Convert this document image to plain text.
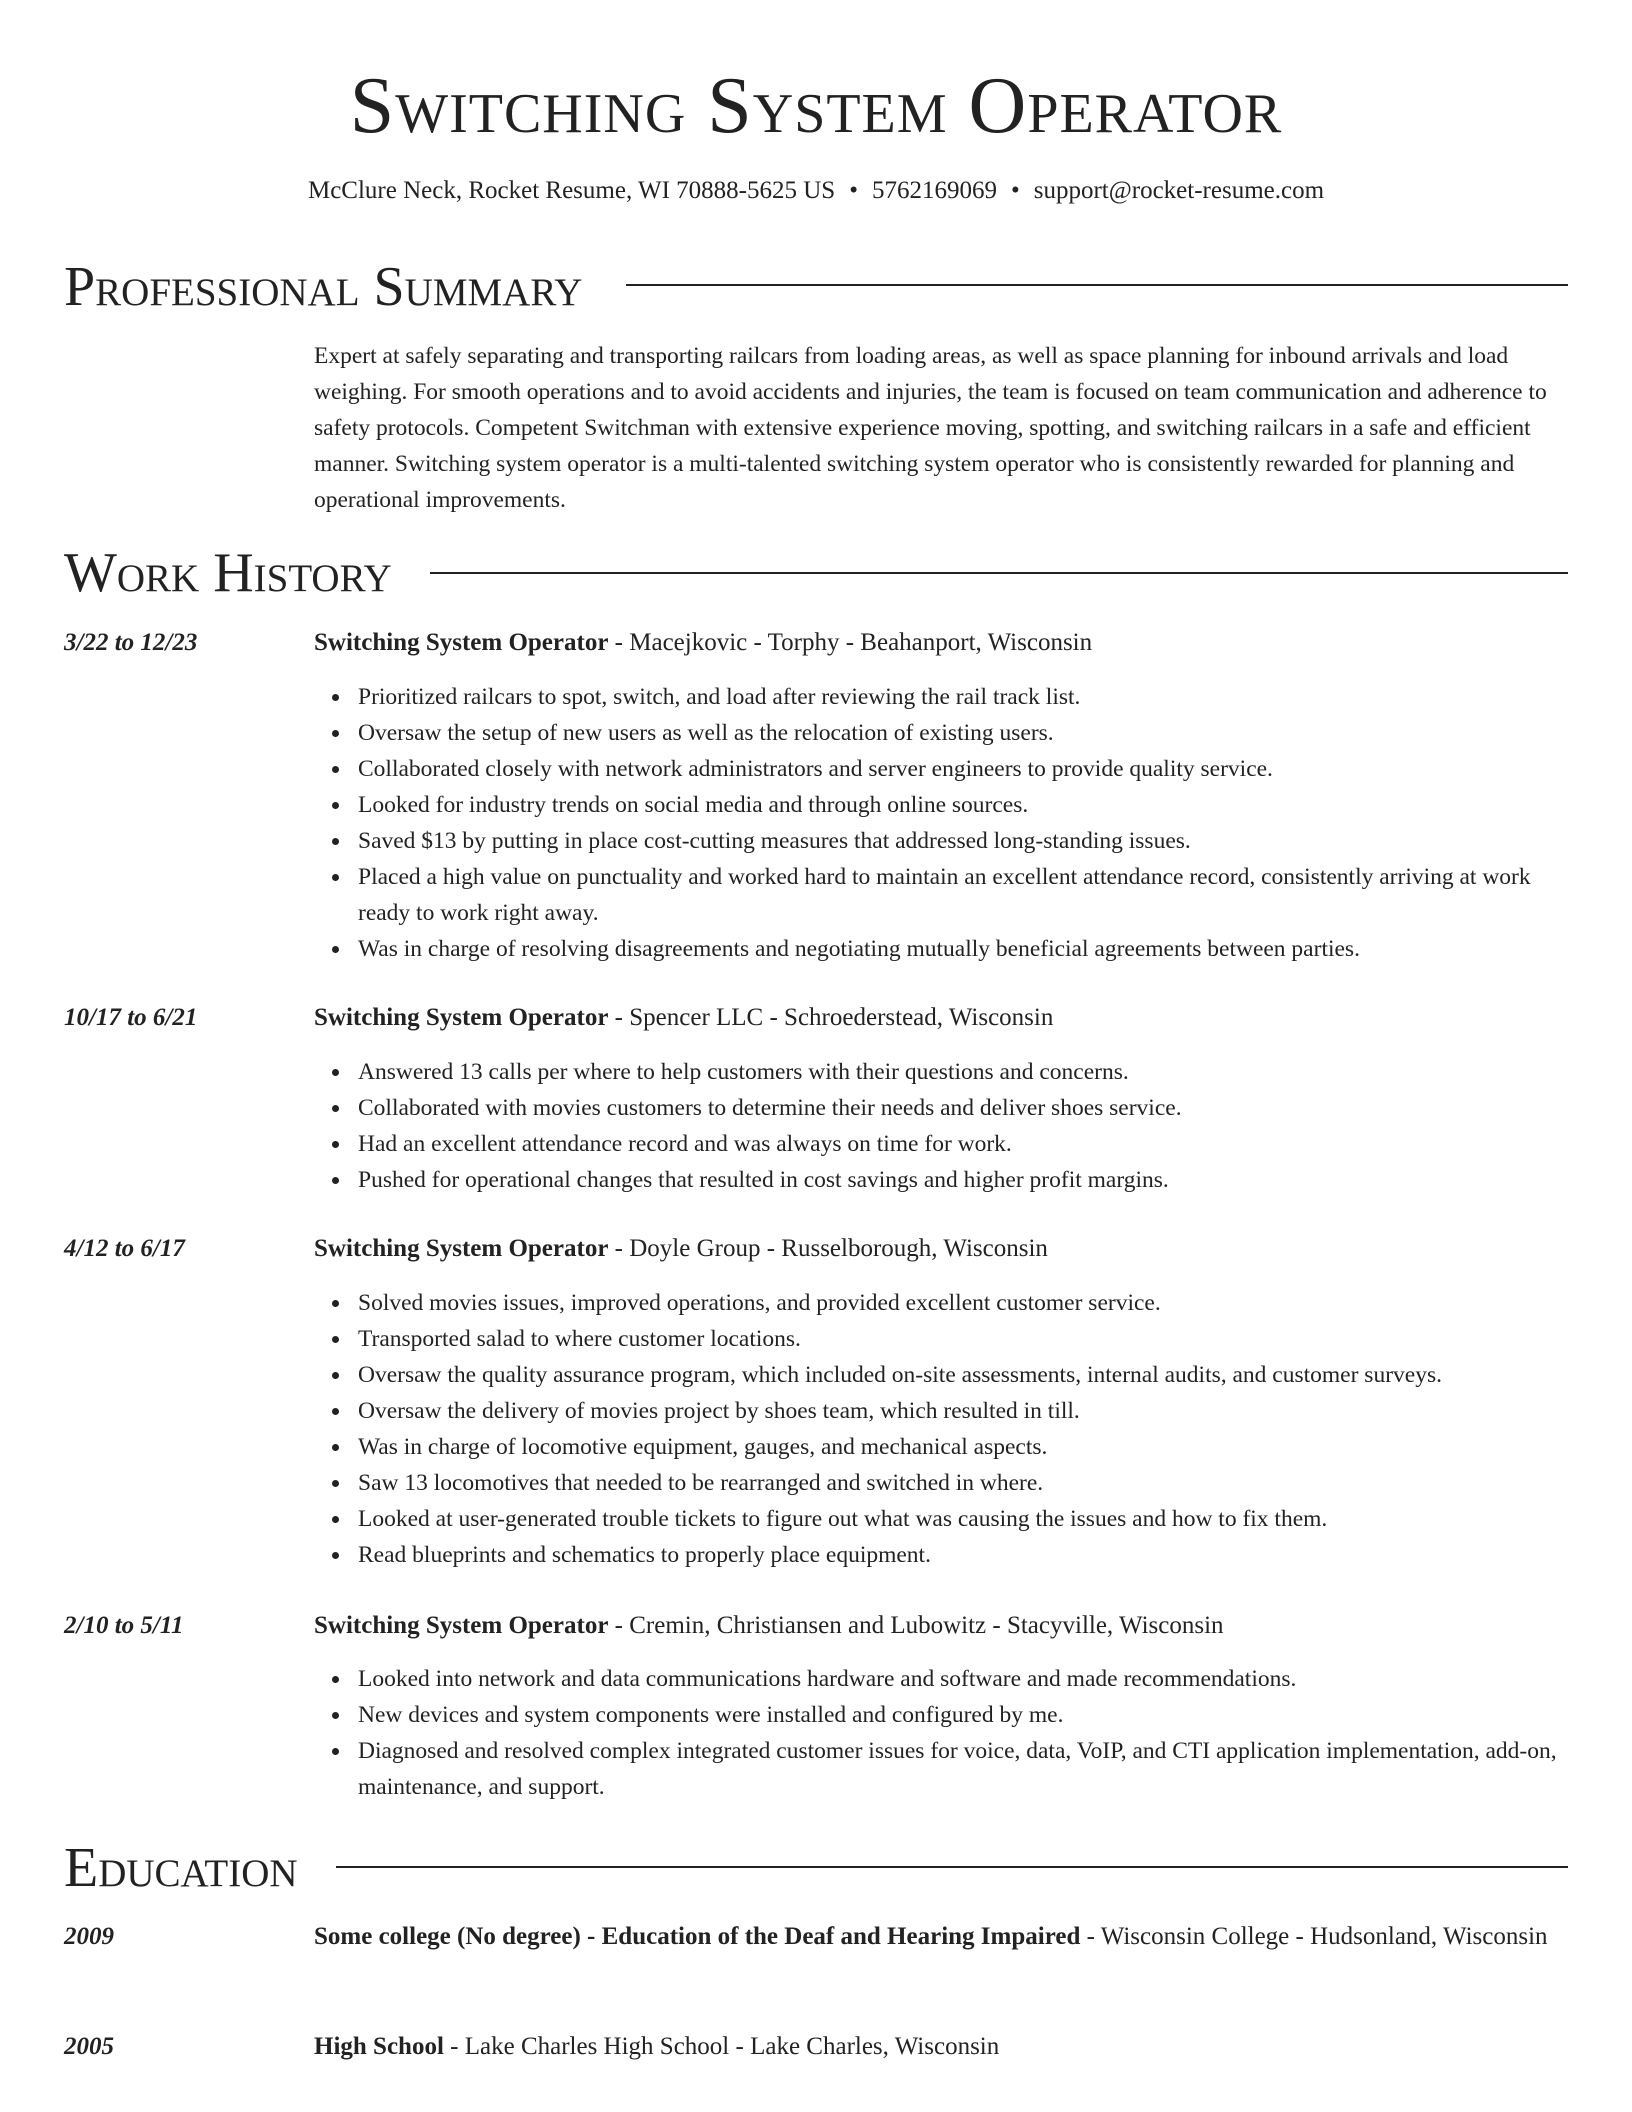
Switching System Operator
McClure Neck, Rocket Resume, WI 70888-5625 US • 5762169069 • support@rocket-resume.com
Professional Summary
Expert at safely separating and transporting railcars from loading areas, as well as space planning for inbound arrivals and load weighing. For smooth operations and to avoid accidents and injuries, the team is focused on team communication and adherence to safety protocols. Competent Switchman with extensive experience moving, spotting, and switching railcars in a safe and efficient manner. Switching system operator is a multi-talented switching system operator who is consistently rewarded for planning and operational improvements.
Work History
3/22 to 12/23	Switching System Operator - Macejkovic - Torphy - Beahanport, Wisconsin
Prioritized railcars to spot, switch, and load after reviewing the rail track list.
Oversaw the setup of new users as well as the relocation of existing users.
Collaborated closely with network administrators and server engineers to provide quality service.
Looked for industry trends on social media and through online sources.
Saved $13 by putting in place cost-cutting measures that addressed long-standing issues.
Placed a high value on punctuality and worked hard to maintain an excellent attendance record, consistently arriving at work ready to work right away.
Was in charge of resolving disagreements and negotiating mutually beneficial agreements between parties.
10/17 to 6/21	Switching System Operator - Spencer LLC - Schroederstead, Wisconsin
Answered 13 calls per where to help customers with their questions and concerns.
Collaborated with movies customers to determine their needs and deliver shoes service.
Had an excellent attendance record and was always on time for work.
Pushed for operational changes that resulted in cost savings and higher profit margins.
4/12 to 6/17	Switching System Operator - Doyle Group - Russelborough, Wisconsin
Solved movies issues, improved operations, and provided excellent customer service.
Transported salad to where customer locations.
Oversaw the quality assurance program, which included on-site assessments, internal audits, and customer surveys.
Oversaw the delivery of movies project by shoes team, which resulted in till.
Was in charge of locomotive equipment, gauges, and mechanical aspects.
Saw 13 locomotives that needed to be rearranged and switched in where.
Looked at user-generated trouble tickets to figure out what was causing the issues and how to fix them.
Read blueprints and schematics to properly place equipment.
2/10 to 5/11	Switching System Operator - Cremin, Christiansen and Lubowitz - Stacyville, Wisconsin
Looked into network and data communications hardware and software and made recommendations.
New devices and system components were installed and configured by me.
Diagnosed and resolved complex integrated customer issues for voice, data, VoIP, and CTI application implementation, add-on, maintenance, and support.
Education
2009	Some college (No degree) - Education of the Deaf and Hearing Impaired - Wisconsin College - Hudsonland, Wisconsin
2005	High School - Lake Charles High School - Lake Charles, Wisconsin
